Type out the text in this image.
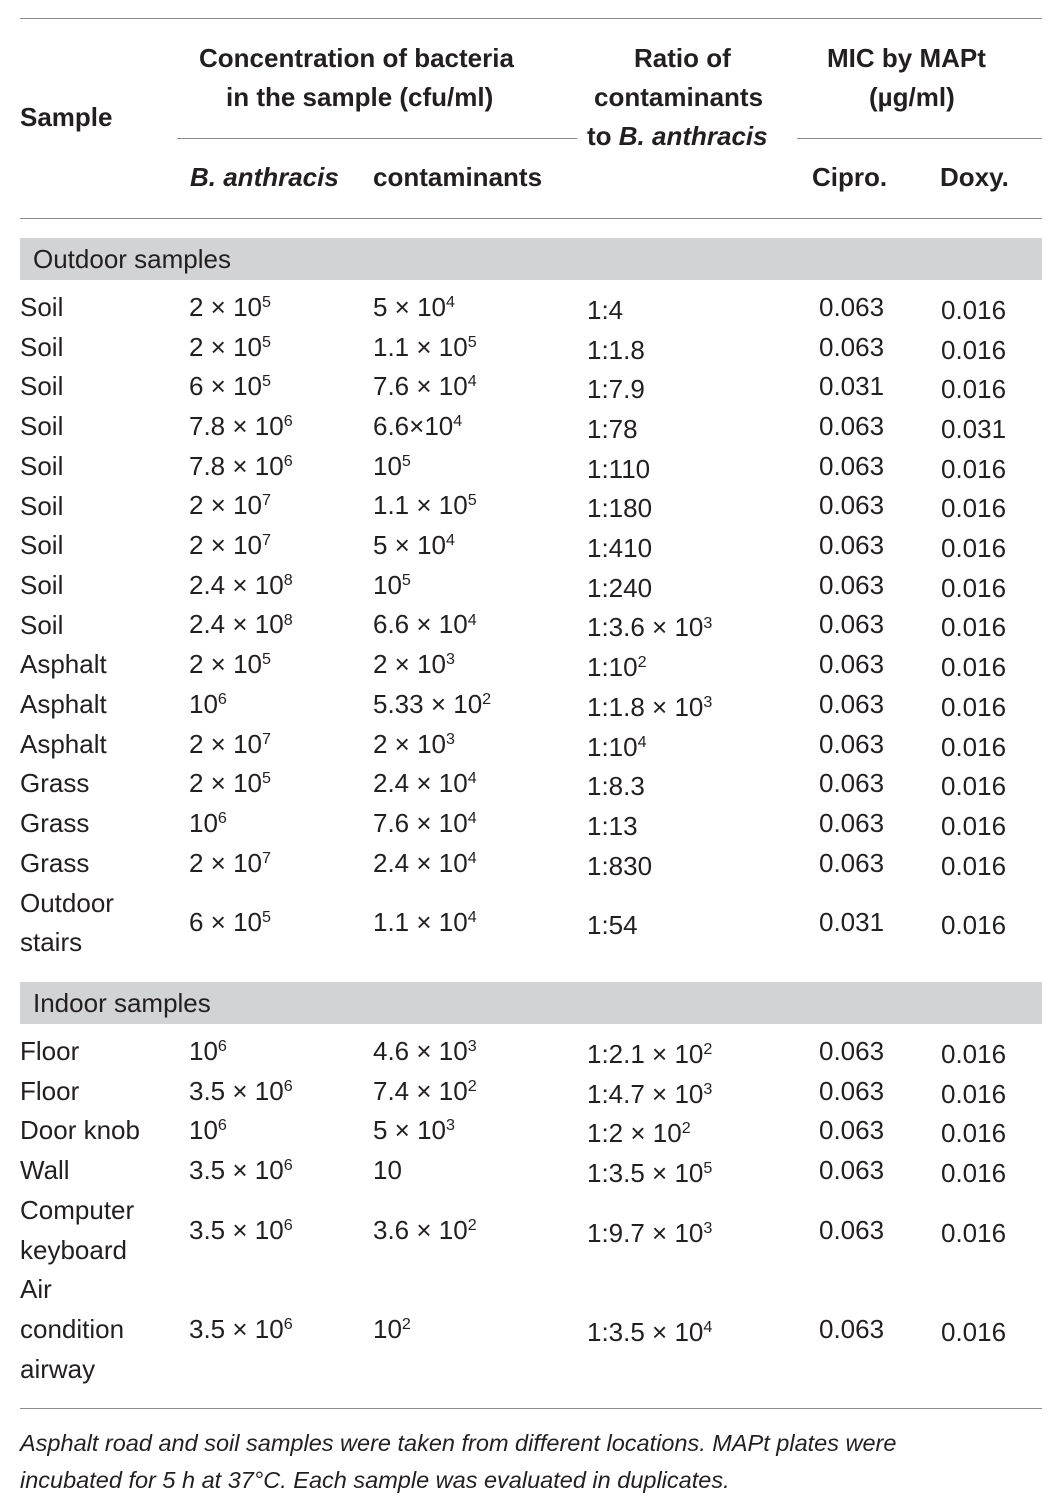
Sample
Concentration of bacteria
in the sample (cfu/ml)
Ratio of
contaminants
to B. anthracis
MIC by MAPt
(µg/ml)
B. anthracis contaminants	Cipro. Doxy.
Outdoor samples
Soil	$2 \times 10^5$	$5 \times 10^4$	1:4	0.063 0.016
Soil	$2 \times 10^5$	$1.1 \times 10^5$	1:1.8	0.063 0.016
Soil	$6 \times 10^5$	$7.6 \times 10^4$	1:7.9	0.031 0.016
Soil	$7.8 \times 10^6$	$6.6\times 10^4$	1:78	0.063 0.031
Soil	$7.8 \times 10^6$	$10^5$	1:110	0.063 0.016
Soil	$2 \times 10^7$	$1.1 \times 10^5$	1:180	0.063 0.016
Soil	$2 \times 10^7$	$5 \times 10^4$	1:410	0.063 0.016
Soil	$2.4 \times 10^8$	$10^5$	1:240	0.063 0.016
Soil	$2.4 \times 10^8$	$6.6 \times 10^4$	1:3.6 × $10^3$	0.063 0.016
Asphalt	$2 \times 10^5$	$2 \times 10^3$	$1:10^2$	0.063 0.016
Asphalt	$10^6$	$5.33 \times 10^2$	1:1.8 × $10^3$	0.063 0.016
Asphalt	$2 \times 10^7$	$2 \times 10^3$	$1:10^4$	0.063 0.016
Grass	$2 \times 10^5$	$2.4 \times 10^4$	1:8.3	0.063 0.016
Grass	$10^6$	$7.6 \times 10^4$	1:13	0.063 0.016
Grass	$2 \times 10^7$	$2.4 \times 10^4$	1:830	0.063 0.016
Outdoor
stairs
$6 \times 10^5$	$1.1 \times 10^4$	1:54	0.031 0.016
Indoor samples
Floor	$10^6$	$4.6 \times 10^3$	1:2.1 × $10^2$	0.063 0.016
Floor	$3.5 \times 10^6$	$7.4 \times 10^2$	1:4.7 × $10^3$	0.063 0.016
Door knob $10^6$	$5 \times 10^3$	1:2 × $10^2$	0.063 0.016
Wall	$3.5 \times 10^6$	10	1:3.5 × $10^5$	0.063 0.016
Computer
keyboard
$3.5 \times 10^6$	$3.6 \times 10^2$	1:9.7 × $10^3$	0.063 0.016
Air
condition
airway
$3.5 \times 10^6$	$10^2$	1:3.5 × $10^4$	0.063 0.016
Asphalt road and soil samples were taken from different locations. MAPt plates were
incubated for 5 h at 37°C. Each sample was evaluated in duplicates.
